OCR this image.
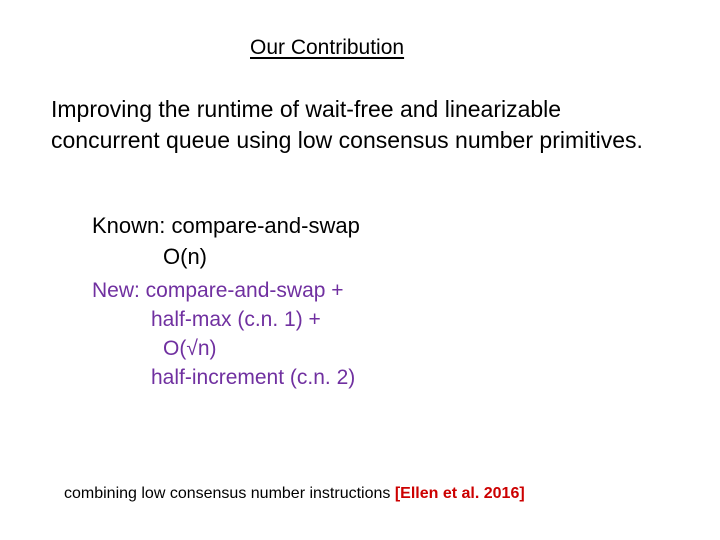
Our Contribution
Improving the runtime of wait-free and linearizable
concurrent queue using low consensus number primitives.
Known: compare-and-swap
O(n)
New: compare-and-swap +
half-max (c.n. 1) +
O(√n)
half-increment (c.n. 2)
combining low consensus number instructions [Ellen et al. 2016]
